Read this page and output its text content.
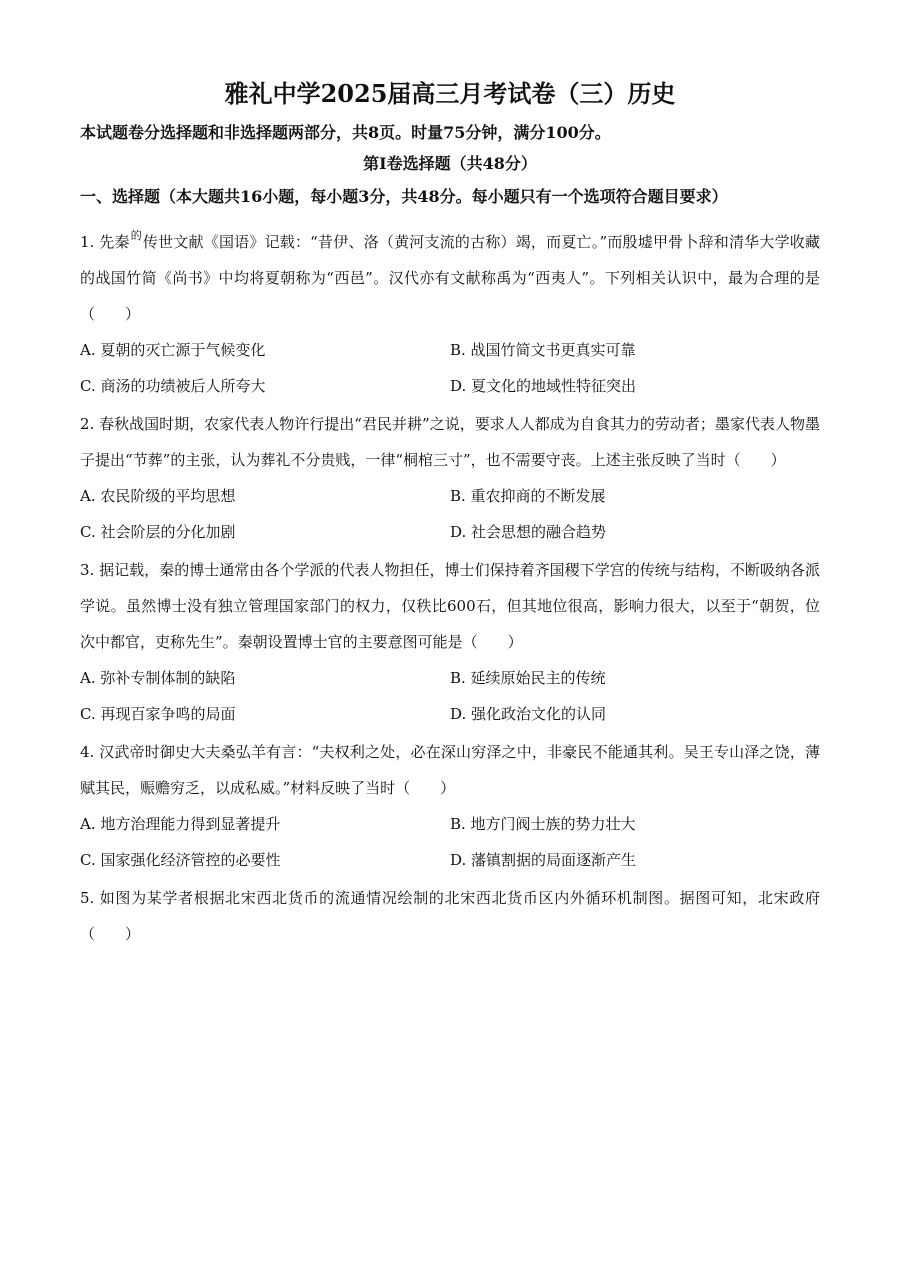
雅礼中学2025届高三月考试卷（三）历史
本试题卷分选择题和非选择题两部分，共8页。时量75分钟，满分100分。
第I卷选择题（共48分）
一、选择题（本大题共16小题，每小题3分，共48分。每小题只有一个选项符合题目要求）

1. 先秦$^的$传世文献《国语》记载：“昔伊、洛（黄河支流的古称）竭，而夏亡。”而殷墟甲骨卜辞和清华大学收藏的战国竹简《尚书》中均将夏朝称为“西邑”。汉代亦有文献称禹为“西夷人”。下列相关认识中，最为合理的是（　　）

A. 夏朝的灭亡源于气候变化	B. 战国竹简文书更真实可靠
C. 商汤的功绩被后人所夸大	D. 夏文化的地域性特征突出

2. 春秋战国时期，农家代表人物许行提出“君民并耕”之说，要求人人都成为自食其力的劳动者；墨家代表人物墨子提出“节葬”的主张，认为葬礼不分贵贱，一律“桐棺三寸”，也不需要守丧。上述主张反映了当时（　　）

A. 农民阶级的平均思想	B. 重农抑商的不断发展
C. 社会阶层的分化加剧	D. 社会思想的融合趋势

3. 据记载，秦的博士通常由各个学派的代表人物担任，博士们保持着齐国稷下学宫的传统与结构，不断吸纳各派学说。虽然博士没有独立管理国家部门的权力，仅秩比600石，但其地位很高，影响力很大，以至于“朝贺，位次中都官，吏称先生”。秦朝设置博士官的主要意图可能是（　　）

A. 弥补专制体制的缺陷	B. 延续原始民主的传统
C. 再现百家争鸣的局面	D. 强化政治文化的认同

4. 汉武帝时御史大夫桑弘羊有言：“夫权利之处，必在深山穷泽之中，非豪民不能通其利。吴王专山泽之饶，薄赋其民，赈赡穷乏，以成私威。”材料反映了当时（　　）

A. 地方治理能力得到显著提升	B. 地方门阀士族的势力壮大
C. 国家强化经济管控的必要性	D. 藩镇割据的局面逐渐产生

5. 如图为某学者根据北宋西北货币的流通情况绘制的北宋西北货币区内外循环机制图。据图可知，北宋政府（　　）
